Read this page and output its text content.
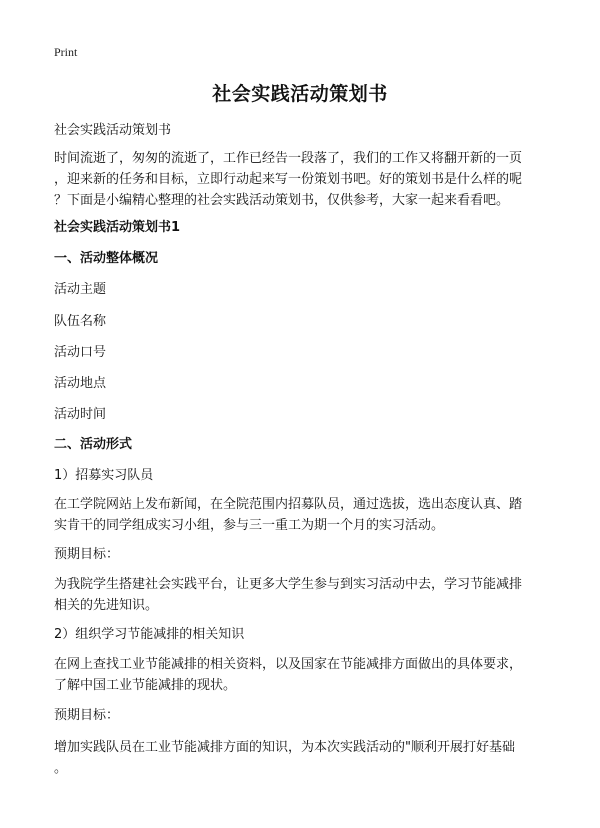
Print
社会实践活动策划书
社会实践活动策划书
时间流逝了，匆匆的流逝了，工作已经告一段落了，我们的工作又将翻开新的一页
，迎来新的任务和目标，立即行动起来写一份策划书吧。好的策划书是什么样的呢
？下面是小编精心整理的社会实践活动策划书，仅供参考，大家一起来看看吧。
社会实践活动策划书1
一、活动整体概况
活动主题
队伍名称
活动口号
活动地点
活动时间
二、活动形式
1）招募实习队员
在工学院网站上发布新闻，在全院范围内招募队员，通过选拔，选出态度认真、踏
实肯干的同学组成实习小组，参与三一重工为期一个月的实习活动。
预期目标：
为我院学生搭建社会实践平台，让更多大学生参与到实习活动中去，学习节能减排
相关的先进知识。
2）组织学习节能减排的相关知识
在网上查找工业节能减排的相关资料，以及国家在节能减排方面做出的具体要求，
了解中国工业节能减排的现状。
预期目标：
增加实践队员在工业节能减排方面的知识，为本次实践活动的"顺利开展打好基础
。
